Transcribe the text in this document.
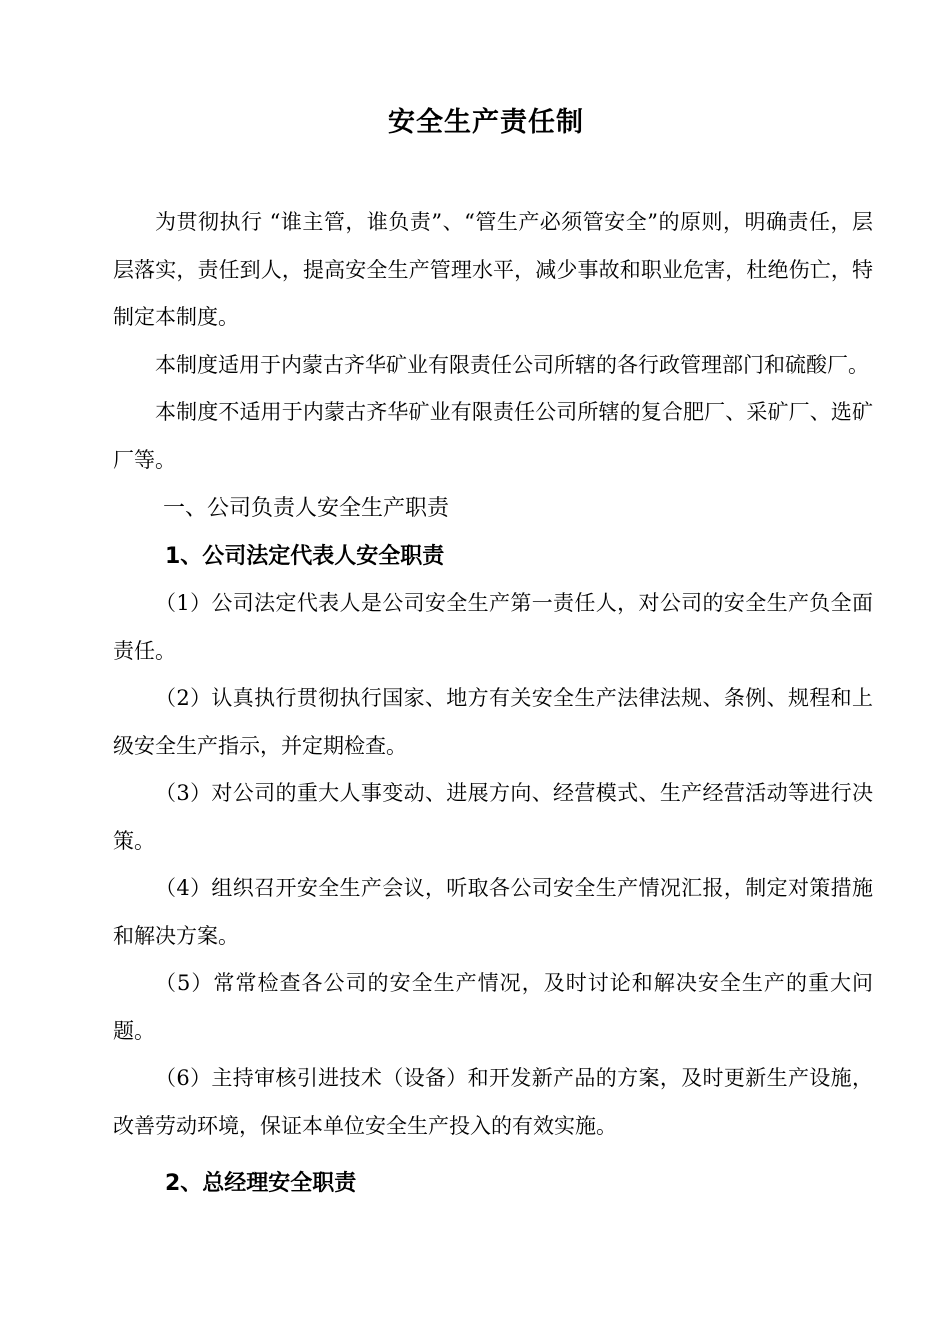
安全生产责任制

为贯彻执行 “谁主管，谁负责”、“管生产必须管安全”的原则，明确责任，层层落实，责任到人，提高安全生产管理水平，减少事故和职业危害，杜绝伤亡，特制定本制度。

本制度适用于内蒙古齐华矿业有限责任公司所辖的各行政管理部门和硫酸厂。

本制度不适用于内蒙古齐华矿业有限责任公司所辖的复合肥厂、采矿厂、选矿厂等。

一、公司负责人安全生产职责

1、公司法定代表人安全职责

（1）公司法定代表人是公司安全生产第一责任人，对公司的安全生产负全面责任。

（2）认真执行贯彻执行国家、地方有关安全生产法律法规、条例、规程和上级安全生产指示，并定期检查。

（3）对公司的重大人事变动、进展方向、经营模式、生产经营活动等进行决策。

（4）组织召开安全生产会议，听取各公司安全生产情况汇报，制定对策措施和解决方案。

（5）常常检查各公司的安全生产情况，及时讨论和解决安全生产的重大问题。

（6）主持审核引进技术（设备）和开发新产品的方案，及时更新生产设施，改善劳动环境，保证本单位安全生产投入的有效实施。

2、总经理安全职责
